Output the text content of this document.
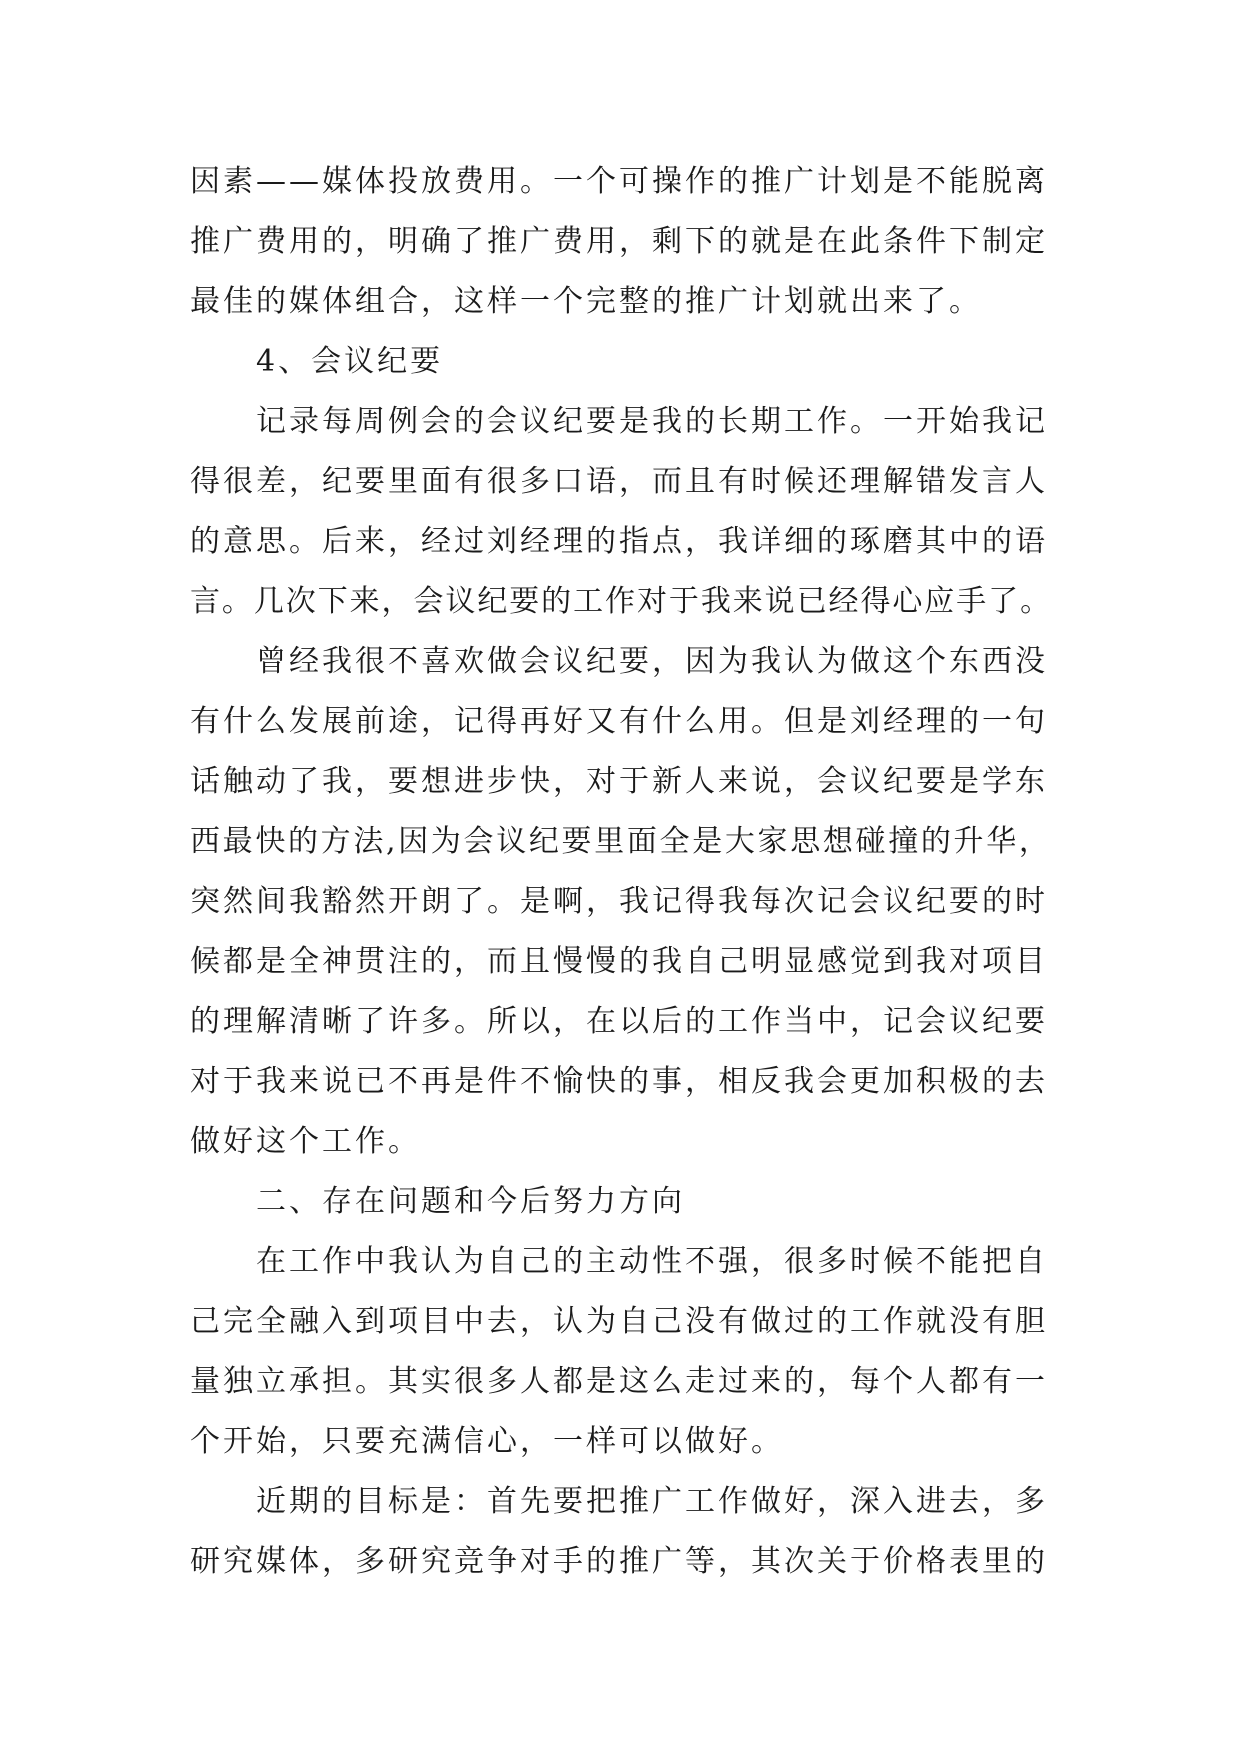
因素——媒体投放费用。一个可操作的推广计划是不能脱离
推广费用的，明确了推广费用，剩下的就是在此条件下制定
最佳的媒体组合，这样一个完整的推广计划就出来了。
4、会议纪要
记录每周例会的会议纪要是我的长期工作。一开始我记
得很差，纪要里面有很多口语，而且有时候还理解错发言人
的意思。后来，经过刘经理的指点，我详细的琢磨其中的语
言。几次下来，会议纪要的工作对于我来说已经得心应手了。
曾经我很不喜欢做会议纪要，因为我认为做这个东西没
有什么发展前途，记得再好又有什么用。但是刘经理的一句
话触动了我，要想进步快，对于新人来说，会议纪要是学东
西最快的方法,因为会议纪要里面全是大家思想碰撞的升华，
突然间我豁然开朗了。是啊，我记得我每次记会议纪要的时
候都是全神贯注的，而且慢慢的我自己明显感觉到我对项目
的理解清晰了许多。所以，在以后的工作当中，记会议纪要
对于我来说已不再是件不愉快的事，相反我会更加积极的去
做好这个工作。
二、存在问题和今后努力方向
在工作中我认为自己的主动性不强，很多时候不能把自
己完全融入到项目中去，认为自己没有做过的工作就没有胆
量独立承担。其实很多人都是这么走过来的，每个人都有一
个开始，只要充满信心，一样可以做好。
近期的目标是：首先要把推广工作做好，深入进去，多
研究媒体，多研究竞争对手的推广等，其次关于价格表里的
